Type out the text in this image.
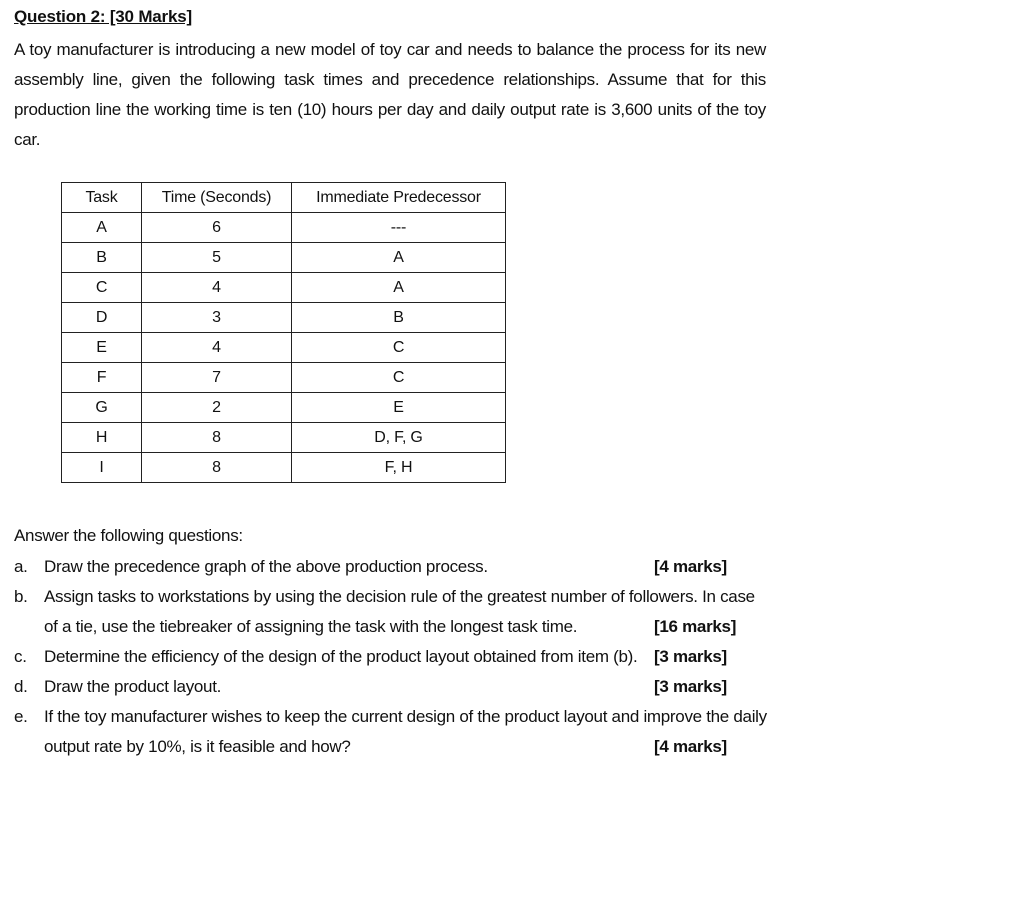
Question 2: [30 Marks]
A toy manufacturer is introducing a new model of toy car and needs to balance the process for its new assembly line, given the following task times and precedence relationships. Assume that for this production line the working time is ten (10) hours per day and daily output rate is 3,600 units of the toy car.
Task	Time (Seconds)	Immediate Predecessor
A	6	---
B	5	A
C	4	A
D	3	B
E	4	C
F	7	C
G	2	E
H	8	D, F, G
I	8	F, H
Answer the following questions:
a. Draw the precedence graph of the above production process.	[4 marks]
b. Assign tasks to workstations by using the decision rule of the greatest number of followers. In case
of a tie, use the tiebreaker of assigning the task with the longest task time.	[16 marks]
c. Determine the efficiency of the design of the product layout obtained from item (b). [3 marks]
d. Draw the product layout.	[3 marks]
e. If the toy manufacturer wishes to keep the current design of the product layout and improve the daily
output rate by 10%, is it feasible and how?	[4 marks]
